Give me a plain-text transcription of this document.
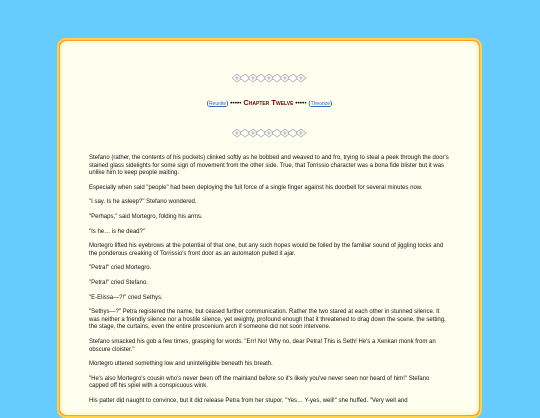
(Reunite) ••••• Chapter Twelve ••••• (Theorize)

Stefano (rather, the contents of his pockets) clinked softly as he bobbed and weaved to and fro, trying to steal a peek through the door's stained glass sidelights for some sign of movement from the other side. True, that Torrissio character was a bona fide blister but it was unlike him to keep people waiting.

Especially when said "people" had been deploying the full force of a single finger against his doorbell for several minutes now.

"I say. Is he asleep?" Stefano wondered.

"Perhaps," said Mortegro, folding his arms.

"Is he… is he dead?"

Mortegro lifted his eyebrows at the potential of that one, but any such hopes would be foiled by the familiar sound of jiggling locks and the ponderous creaking of Torrissio's front door as an automaton pulled it ajar.

"Petra!" cried Mortegro.

"Petra!" cried Stefano.

"E-Elissa—?!" cried Sethys.

"Sethys—?" Petra registered the name, but ceased further communication. Rather the two stared at each other in stunned silence. It was neither a friendly silence nor a hostile silence, yet weighty, profound enough that it threatened to drag down the scene, the setting, the stage, the curtains, even the entire proscenium arch if someone did not soon intervene.

Stefano smacked his gob a few times, grasping for words. "Err! No! Why no, dear Petra! This is Seth! He's a Xenkan monk from an obscure cloister."

Mortegro uttered something low and unintelligible beneath his breath.

"He's also Mortegro's cousin who's never been off the mainland before so it's likely you've never seen nor heard of him!" Stefano capped off his spiel with a conspicuous wink.

His patter did naught to convince, but it did release Petra from her stupor. "Yes… Y-yes, well!" she huffed. "Very well and
